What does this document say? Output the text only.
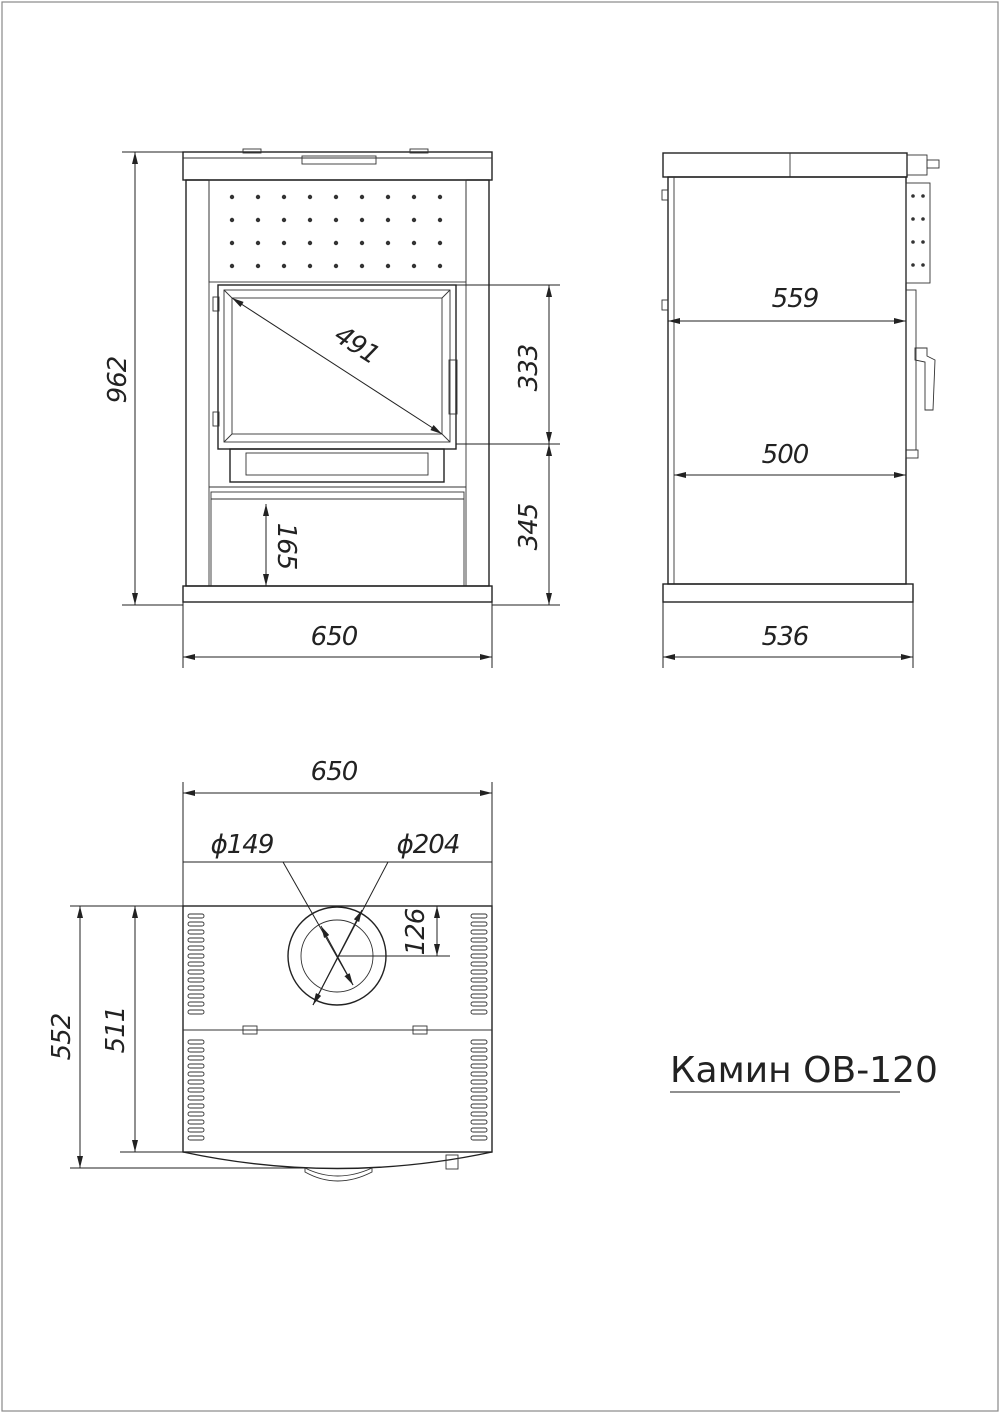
962
650
491	333
345
165
559
500
536
650
ϕ149	ϕ204
126
552 511
Камин ОВ-120
